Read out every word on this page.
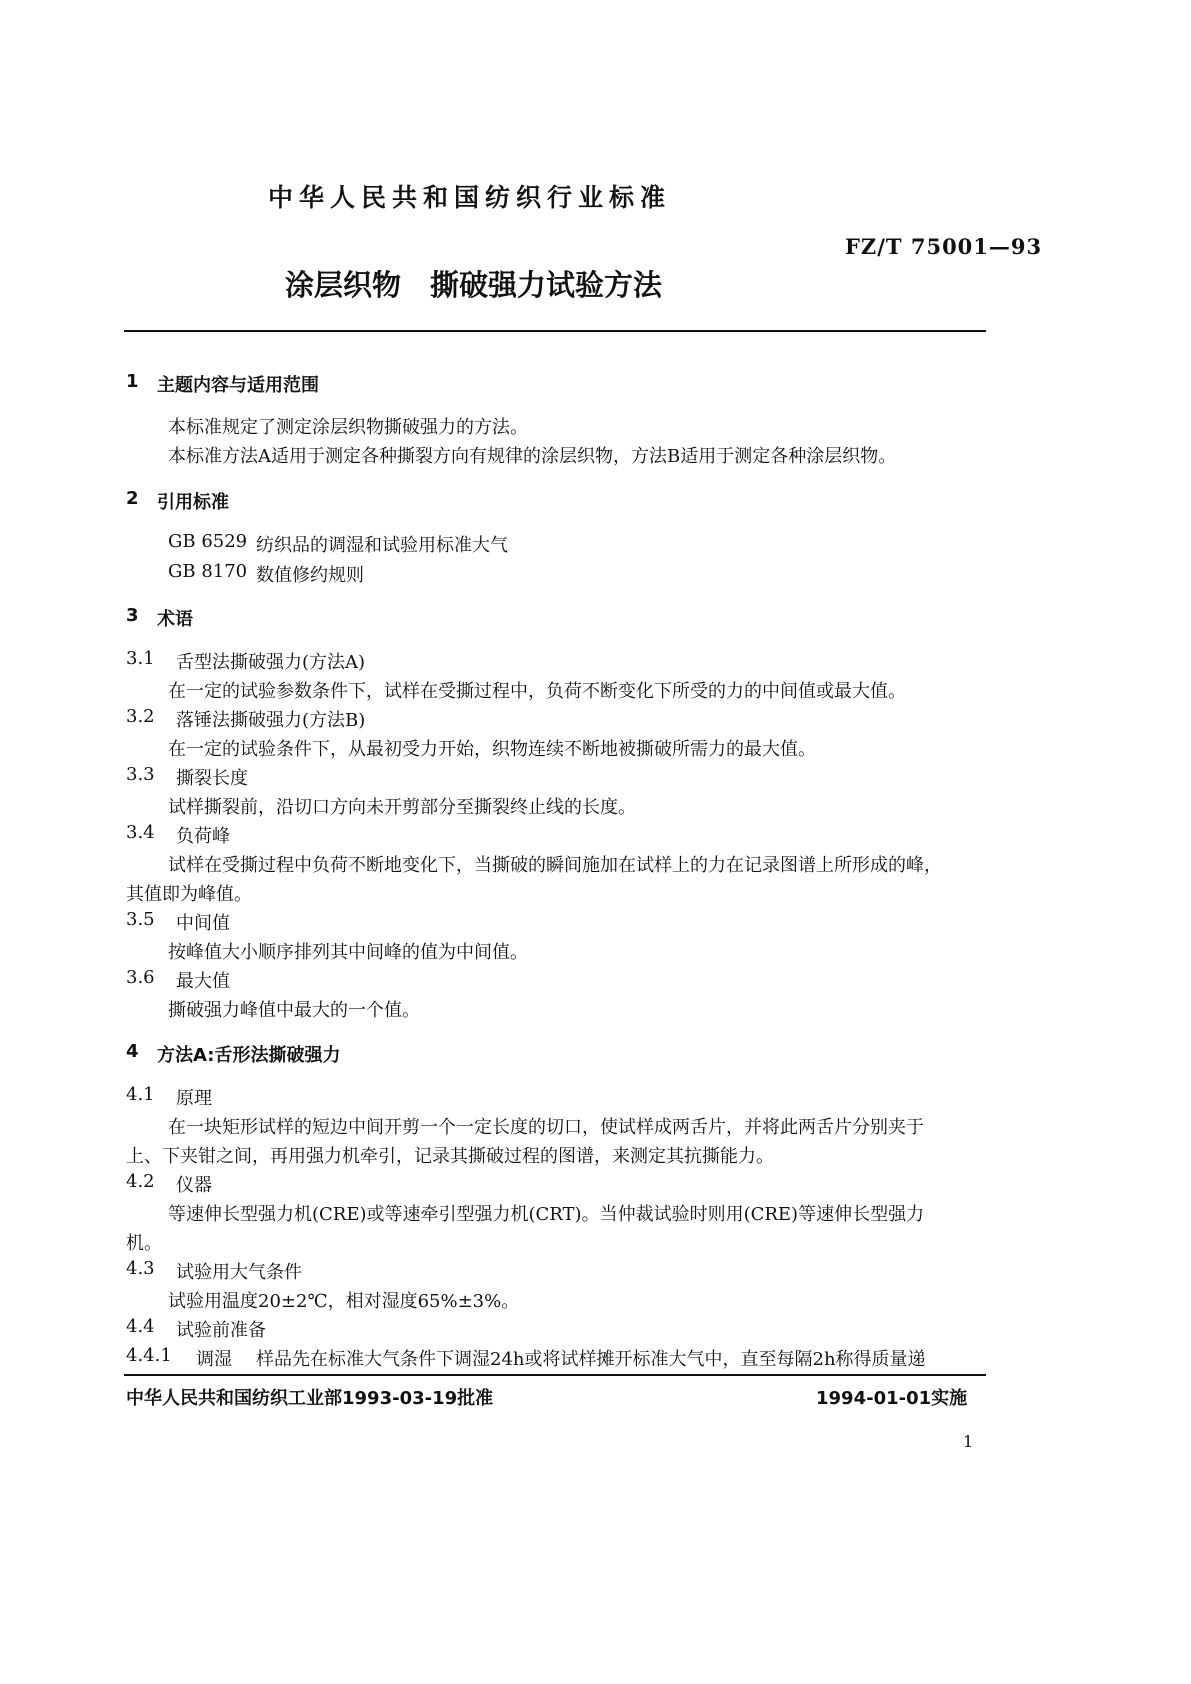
中华人民共和国纺织行业标准
FZ/T 75001—93
涂层织物　撕破强力试验方法
1 主题内容与适用范围
本标准规定了测定涂层织物撕破强力的方法。
本标准方法A适用于测定各种撕裂方向有规律的涂层织物，方法B适用于测定各种涂层织物。
2 引用标准
GB 6529 纺织品的调湿和试验用标准大气
GB 8170 数值修约规则
3 术语
3.1 舌型法撕破强力(方法A)
在一定的试验参数条件下，试样在受撕过程中，负荷不断变化下所受的力的中间值或最大值。
3.2 落锤法撕破强力(方法B)
在一定的试验条件下，从最初受力开始，织物连续不断地被撕破所需力的最大值。
3.3 撕裂长度
试样撕裂前，沿切口方向未开剪部分至撕裂终止线的长度。
3.4 负荷峰
试样在受撕过程中负荷不断地变化下，当撕破的瞬间施加在试样上的力在记录图谱上所形成的峰，
其值即为峰值。
3.5 中间值
按峰值大小顺序排列其中间峰的值为中间值。
3.6 最大值
撕破强力峰值中最大的一个值。
4 方法A:舌形法撕破强力
4.1 原理
在一块矩形试样的短边中间开剪一个一定长度的切口，使试样成两舌片，并将此两舌片分别夹于
上、下夹钳之间，再用强力机牵引，记录其撕破过程的图谱，来测定其抗撕能力。
4.2 仪器
等速伸长型强力机(CRE)或等速牵引型强力机(CRT)。当仲裁试验时则用(CRE)等速伸长型强力
机。
4.3 试验用大气条件
试验用温度20±2℃，相对湿度65%±3%。
4.4 试验前准备
4.4.1 调湿 样品先在标准大气条件下调湿24h或将试样摊开标准大气中，直至每隔2h称得质量递
中华人民共和国纺织工业部1993-03-19批准	1994-01-01实施
1
